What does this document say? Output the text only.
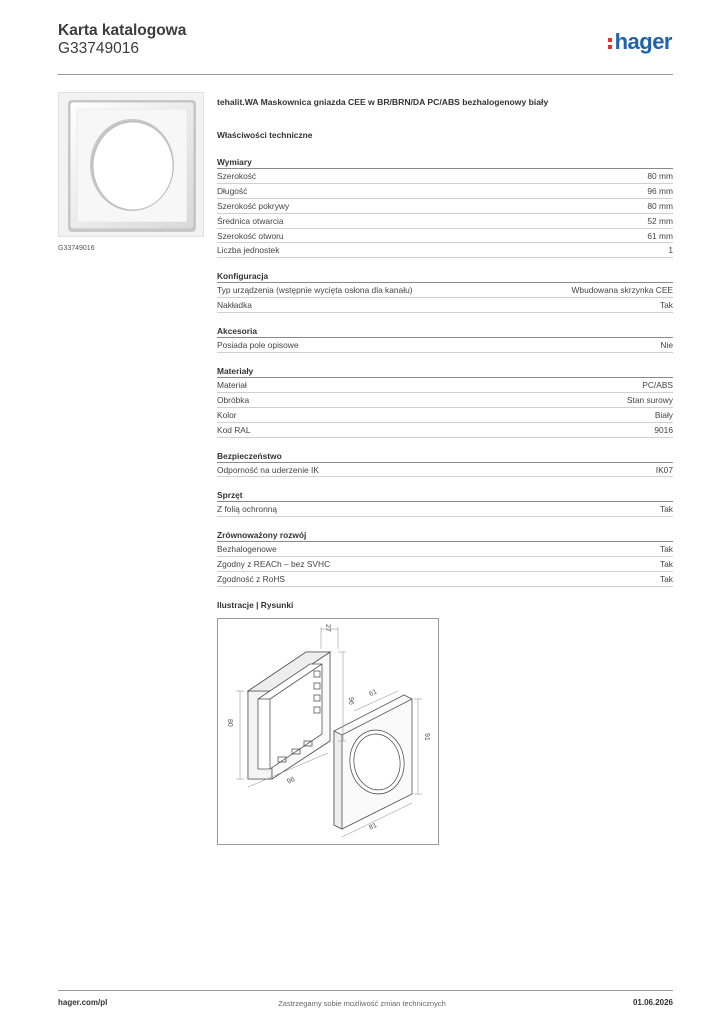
Karta katalogowa
G33749016	hager
G33749016
tehalit.WA Maskownica gniazda CEE w BR/BRN/DA PC/ABS bezhalogenowy biały
Właściwości techniczne
Wymiary
Szerokość	80 mm
Długość	96 mm
Szerokość pokrywy	80 mm
Średnica otwarcia	52 mm
Szerokość otworu	61 mm
Liczba jednostek	1
Konfiguracja
Typ urządzenia (wstępnie wycięta osłona dla kanału)	Wbudowana skrzynka CEE
Nakładka	Tak
Akcesoria
Posiada pole opisowe	Nie
Materiały
Materiał	PC/ABS
Obróbka	Stan surowy
Kolor	Biały
Kod RAL	9016
Bezpieczeństwo
Odporność na uderzenie IK	IK07
Sprzęt
Z folią ochronną	Tak
Zrównoważony rozwój
Bezhalogenowe	Tak
Zgodny z REACh – bez SVHC	Tak
Zgodność z RoHS	Tak
Ilustracje | Rysunki
27
96
61
80
96
91
81
hager.com/pl	Zastrzegamy sobie możliwość zmian technicznych	01.06.2026
